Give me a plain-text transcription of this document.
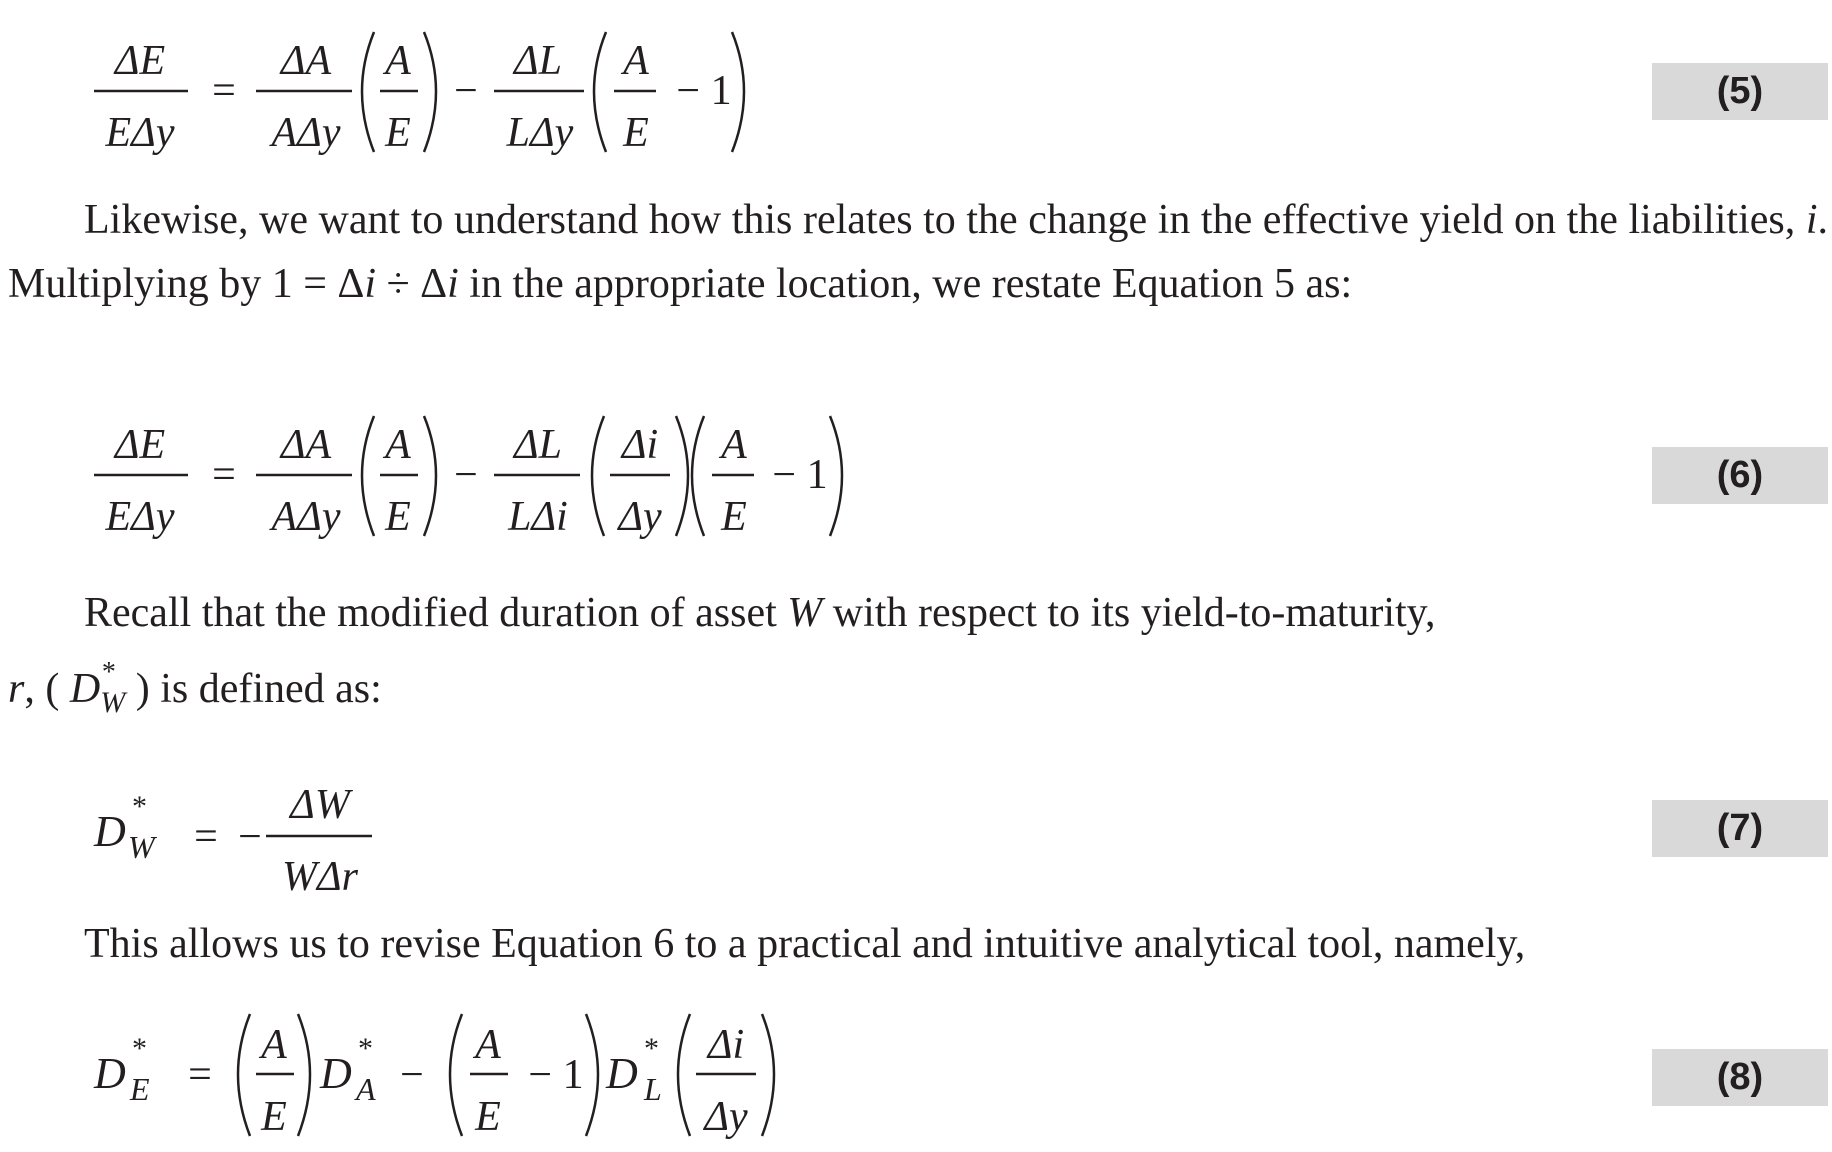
ΔE
EΔy
=
ΔA
AΔy
A
E
−
ΔL
LΔy
A
E
− 1	(5)

Likewise, we want to understand how this relates to the change in the effective yield on the liabilities, i. Multiplying by 1 = Δi ÷ Δi in the appropriate location, we restate Equation 5 as:

ΔE
EΔy
=
ΔA
AΔy
A
E
−
ΔL
LΔi
Δi
Δy
A
E
− 1	(6)

Recall that the modified duration of asset W with respect to its yield-to-maturity,
r, ( D *
$_W$ ) is defined as:

D
*
W = −
ΔW
WΔr
(7)

This allows us to revise Equation 6 to a practical and intuitive analytical tool, namely,

D
*
E =
A
E
D
*
A −
A
E
− 1 D
*
L
Δi
Δy
(8)
